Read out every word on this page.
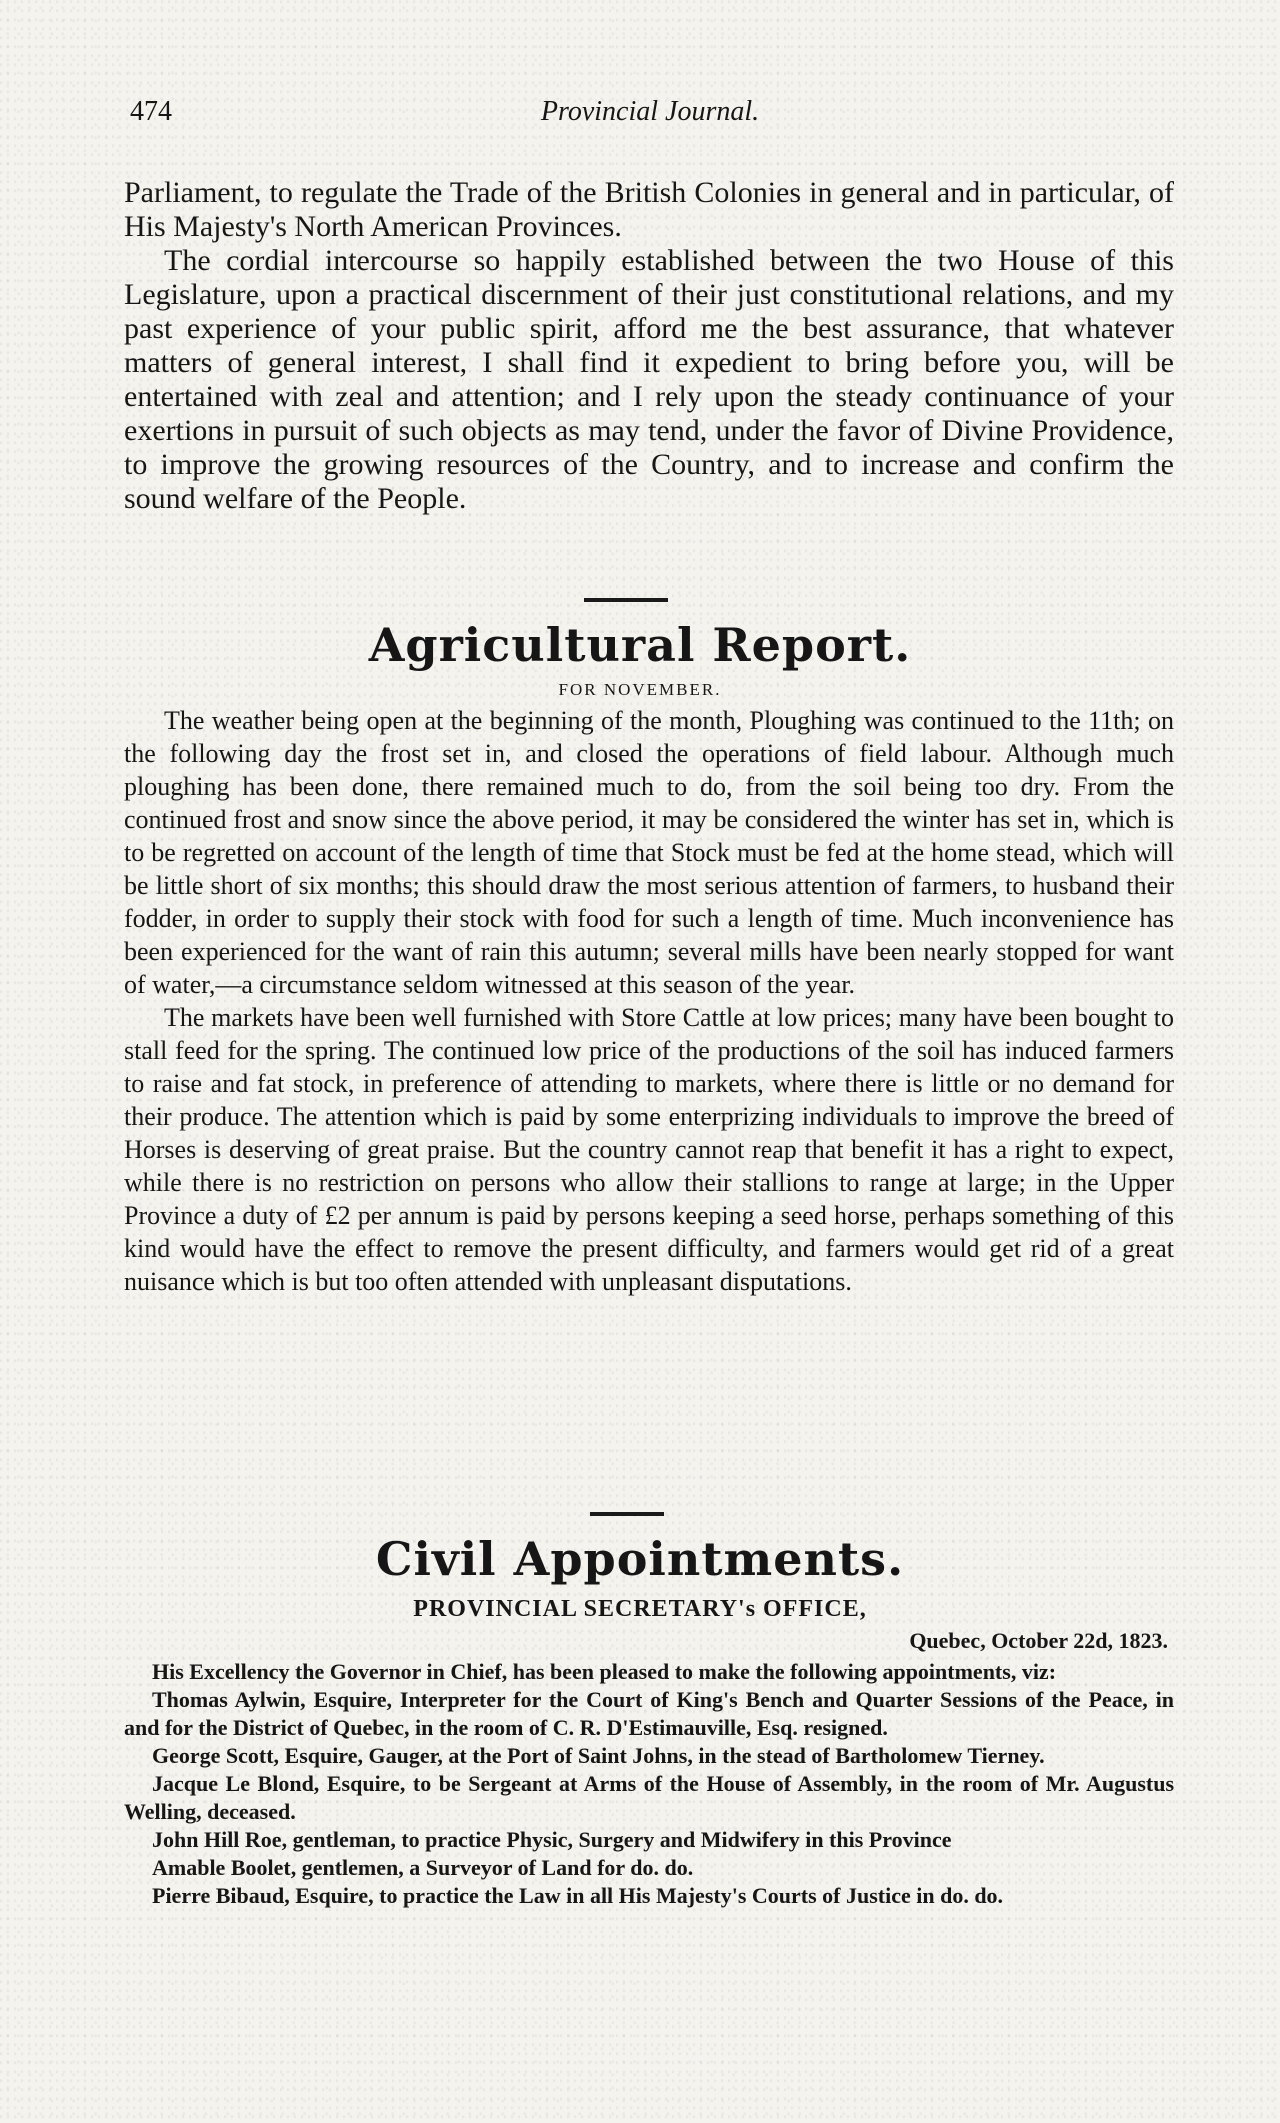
474	Provincial Journal.

Parliament, to regulate the Trade of the British Colonies in general and in particular, of His Majesty's North American Provinces.

The cordial intercourse so happily established between the two House of this Legislature, upon a practical discernment of their just constitutional relations, and my past experience of your public spirit, afford me the best assurance, that whatever matters of general interest, I shall find it expedient to bring before you, will be entertained with zeal and attention; and I rely upon the steady continuance of your exertions in pursuit of such objects as may tend, under the favor of Divine Providence, to improve the growing resources of the Country, and to increase and confirm the sound welfare of the People.

Agricultural Report.
FOR NOVEMBER.

The weather being open at the beginning of the month, Ploughing was continued to the 11th; on the following day the frost set in, and closed the operations of field labour. Although much ploughing has been done, there remained much to do, from the soil being too dry. From the continued frost and snow since the above period, it may be considered the winter has set in, which is to be regretted on account of the length of time that Stock must be fed at the home stead, which will be little short of six months; this should draw the most serious attention of farmers, to husband their fodder, in order to supply their stock with food for such a length of time. Much inconvenience has been experienced for the want of rain this autumn; several mills have been nearly stopped for want of water,—a circumstance seldom witnessed at this season of the year.

The markets have been well furnished with Store Cattle at low prices; many have been bought to stall feed for the spring. The continued low price of the productions of the soil has induced farmers to raise and fat stock, in preference of attending to markets, where there is little or no demand for their produce. The attention which is paid by some enterprizing individuals to improve the breed of Horses is deserving of great praise. But the country cannot reap that benefit it has a right to expect, while there is no restriction on persons who allow their stallions to range at large; in the Upper Province a duty of £2 per annum is paid by persons keeping a seed horse, perhaps something of this kind would have the effect to remove the present difficulty, and farmers would get rid of a great nuisance which is but too often attended with unpleasant disputations.

Civil Appointments.
PROVINCIAL SECRETARY's OFFICE,
Quebec, October 22d, 1823.

His Excellency the Governor in Chief, has been pleased to make the following appointments, viz:

Thomas Aylwin, Esquire, Interpreter for the Court of King's Bench and Quarter Sessions of the Peace, in and for the District of Quebec, in the room of C. R. D'Estimauville, Esq. resigned.

George Scott, Esquire, Gauger, at the Port of Saint Johns, in the stead of Bartholomew Tierney.

Jacque Le Blond, Esquire, to be Sergeant at Arms of the House of Assembly, in the room of Mr. Augustus Welling, deceased.

John Hill Roe, gentleman, to practice Physic, Surgery and Midwifery in this Province

Amable Boolet, gentlemen, a Surveyor of Land for do. do.

Pierre Bibaud, Esquire, to practice the Law in all His Majesty's Courts of Justice in do. do.
